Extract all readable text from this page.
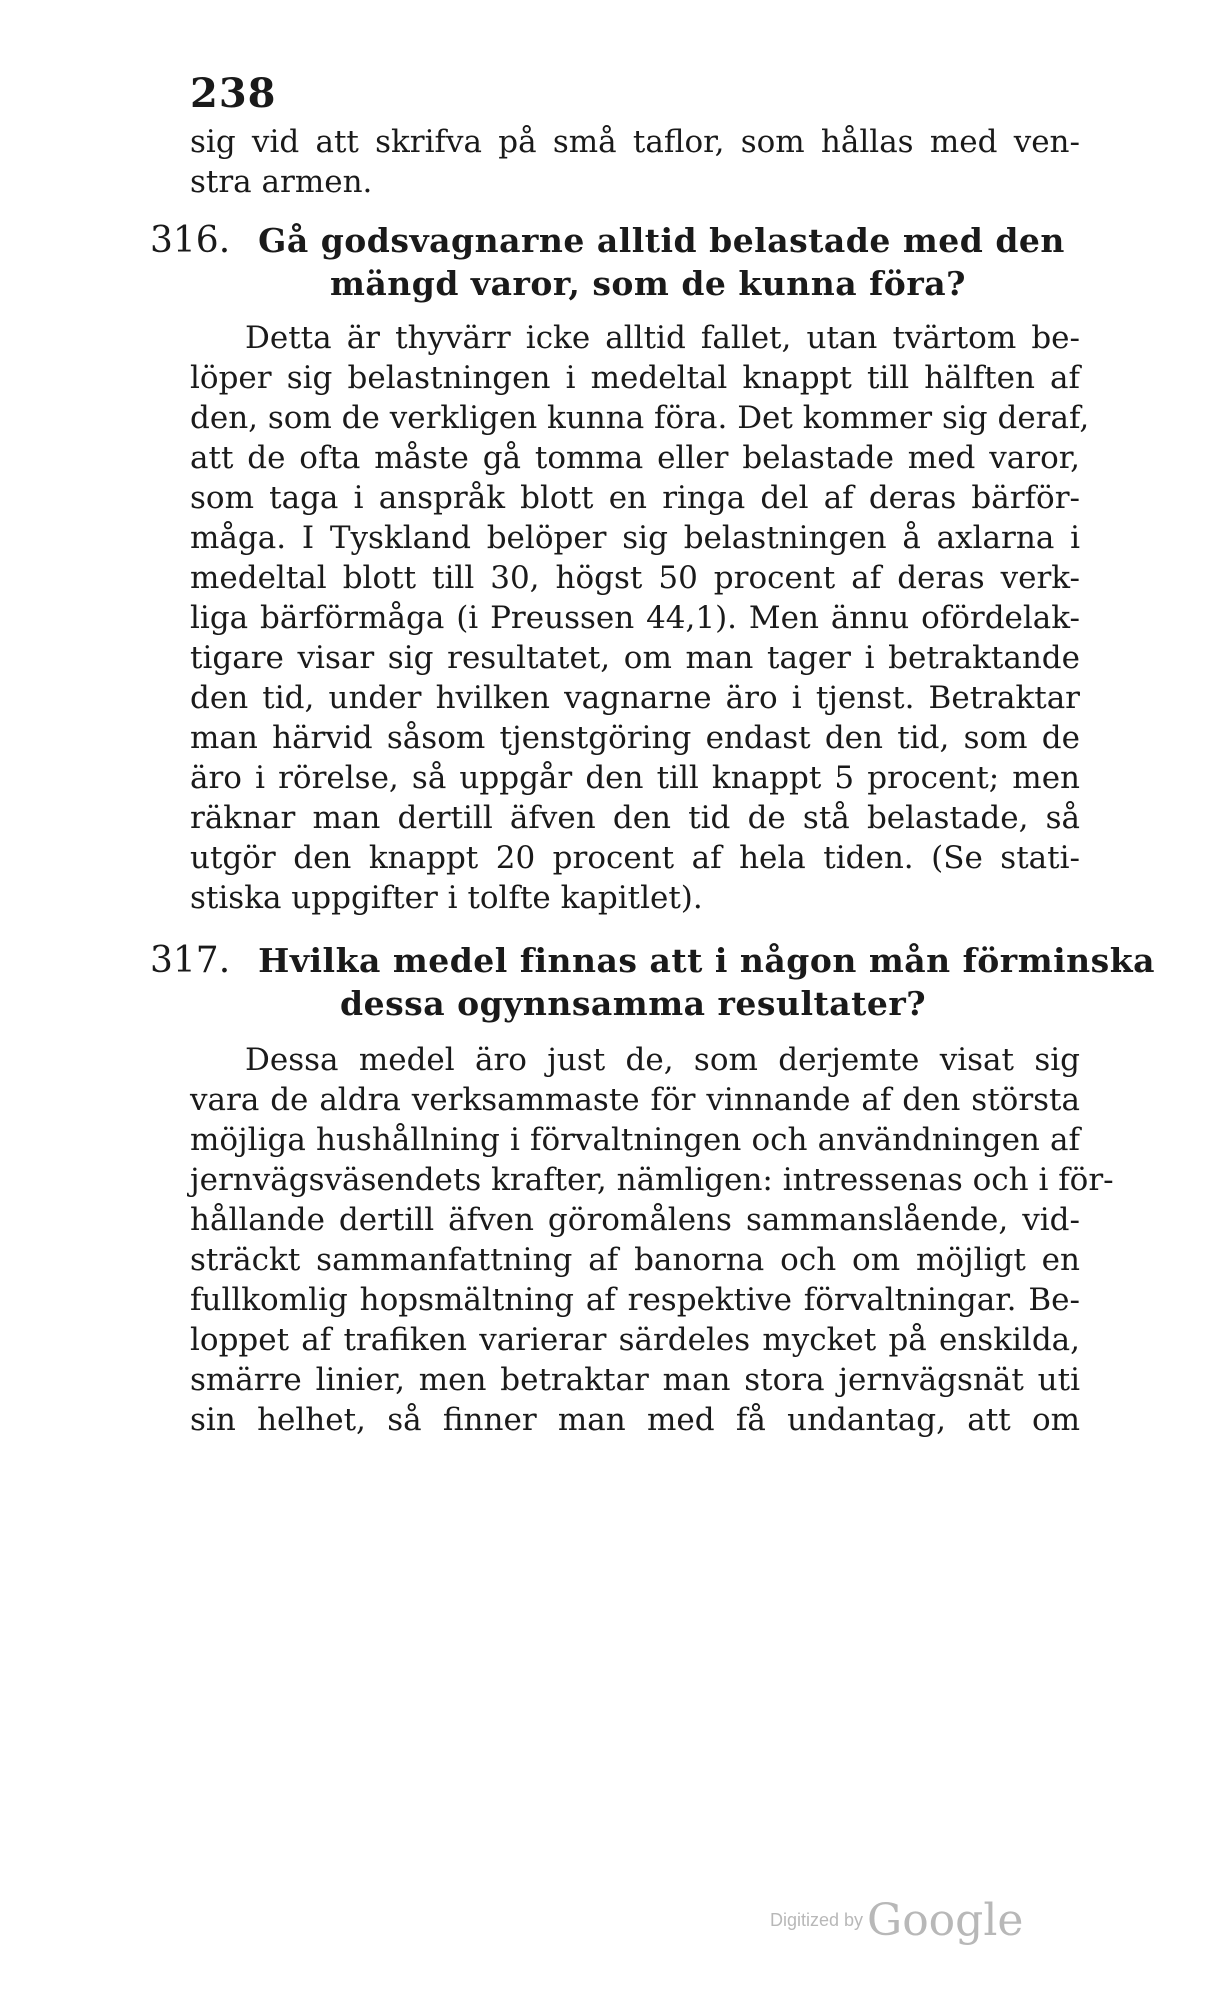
238
sig vid att skrifva på små taflor, som hållas med ven-
stra armen.
316. Gå godsvagnarne alltid belastade med den
mängd varor, som de kunna föra?
Detta är thyvärr icke alltid fallet, utan tvärtom be-
löper sig belastningen i medeltal knappt till hälften af
den, som de verkligen kunna föra. Det kommer sig deraf,
att de ofta måste gå tomma eller belastade med varor,
som taga i anspråk blott en ringa del af deras bärför-
måga. I Tyskland belöper sig belastningen å axlarna i
medeltal blott till 30, högst 50 procent af deras verk-
liga bärförmåga (i Preussen 44,1). Men ännu ofördelak-
tigare visar sig resultatet, om man tager i betraktande
den tid, under hvilken vagnarne äro i tjenst. Betraktar
man härvid såsom tjenstgöring endast den tid, som de
äro i rörelse, så uppgår den till knappt 5 procent; men
räknar man dertill äfven den tid de stå belastade, så
utgör den knappt 20 procent af hela tiden. (Se stati-
stiska uppgifter i tolfte kapitlet).
317. Hvilka medel finnas att i någon mån förminska
dessa ogynnsamma resultater?
Dessa medel äro just de, som derjemte visat sig
vara de aldra verksammaste för vinnande af den största
möjliga hushållning i förvaltningen och användningen af
jernvägsväsendets krafter, nämligen: intressenas och i för-
hållande dertill äfven göromålens sammanslående, vid-
sträckt sammanfattning af banorna och om möjligt en
fullkomlig hopsmältning af respektive förvaltningar. Be-
loppet af trafiken varierar särdeles mycket på enskilda,
smärre linier, men betraktar man stora jernvägsnät uti
sin helhet, så finner man med få undantag, att om
Digitized byGoogle
